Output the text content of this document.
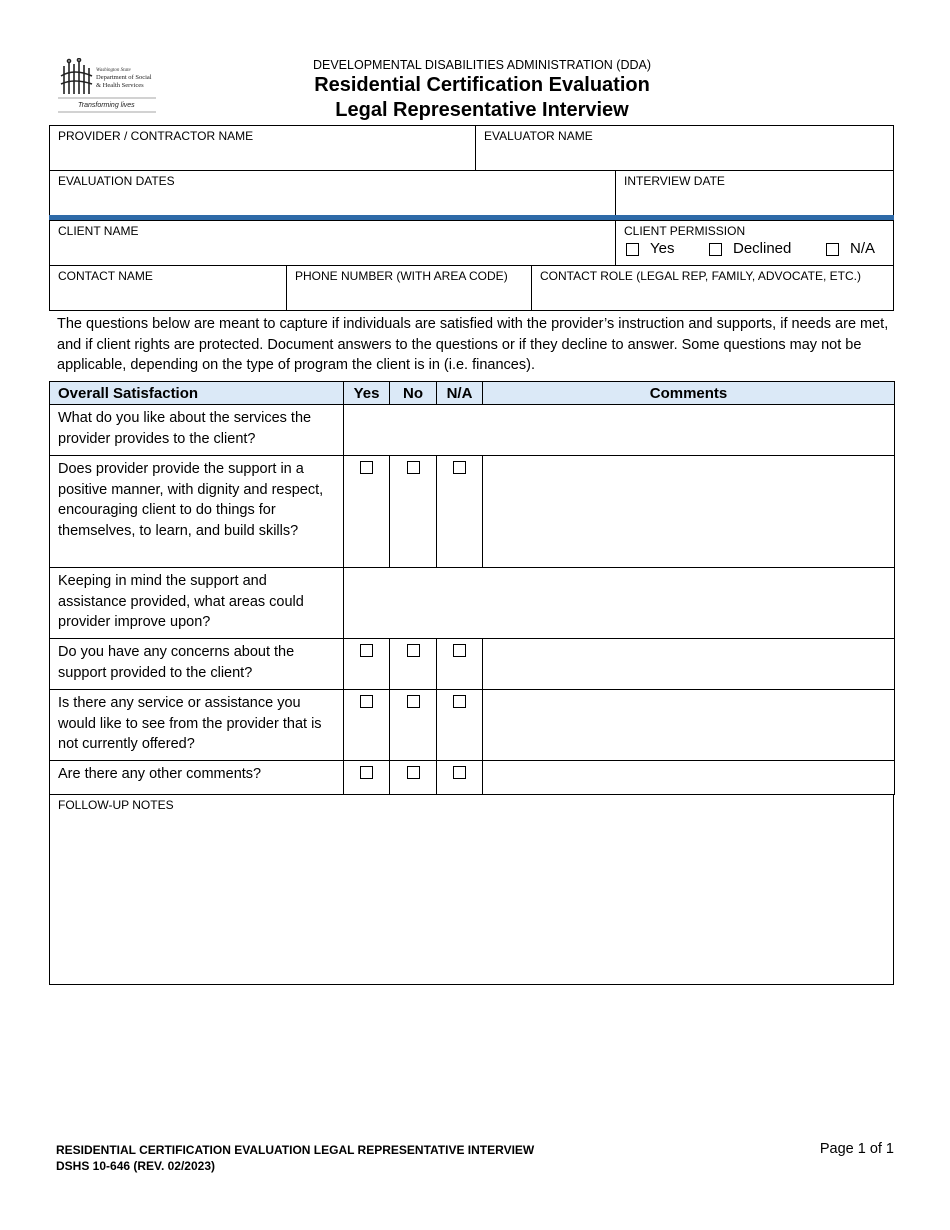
Washington State
Department of Social
& Health Services
Transforming lives
DEVELOPMENTAL DISABILITIES ADMINISTRATION (DDA)
Residential Certification Evaluation
Legal Representative Interview
PROVIDER / CONTRACTOR NAME	EVALUATOR NAME
EVALUATION DATES	INTERVIEW DATE
CLIENT NAME	CLIENT PERMISSION
Yes	Declined	N/A
CONTACT NAME	PHONE NUMBER (WITH AREA CODE)	CONTACT ROLE (LEGAL REP, FAMILY, ADVOCATE, ETC.)
The questions below are meant to capture if individuals are satisfied with the provider’s instruction and supports, if needs are met, and if client rights are protected. Document answers to the questions or if they decline to answer. Some questions may not be applicable, depending on the type of program the client is in (i.e. finances).
Overall Satisfaction	Yes	No	N/A	Comments
What do you like about the services the provider provides to the client?				
Does provider provide the support in a positive manner, with dignity and respect, encouraging client to do things for themselves, to learn, and build skills?				
Keeping in mind the support and assistance provided, what areas could provider improve upon?				
Do you have any concerns about the support provided to the client?				
Is there any service or assistance you would like to see from the provider that is not currently offered?				
Are there any other comments?				
FOLLOW-UP NOTES
RESIDENTIAL CERTIFICATION EVALUATION LEGAL REPRESENTATIVE INTERVIEW
DSHS 10-646 (REV. 02/2023)
Page 1 of 1
